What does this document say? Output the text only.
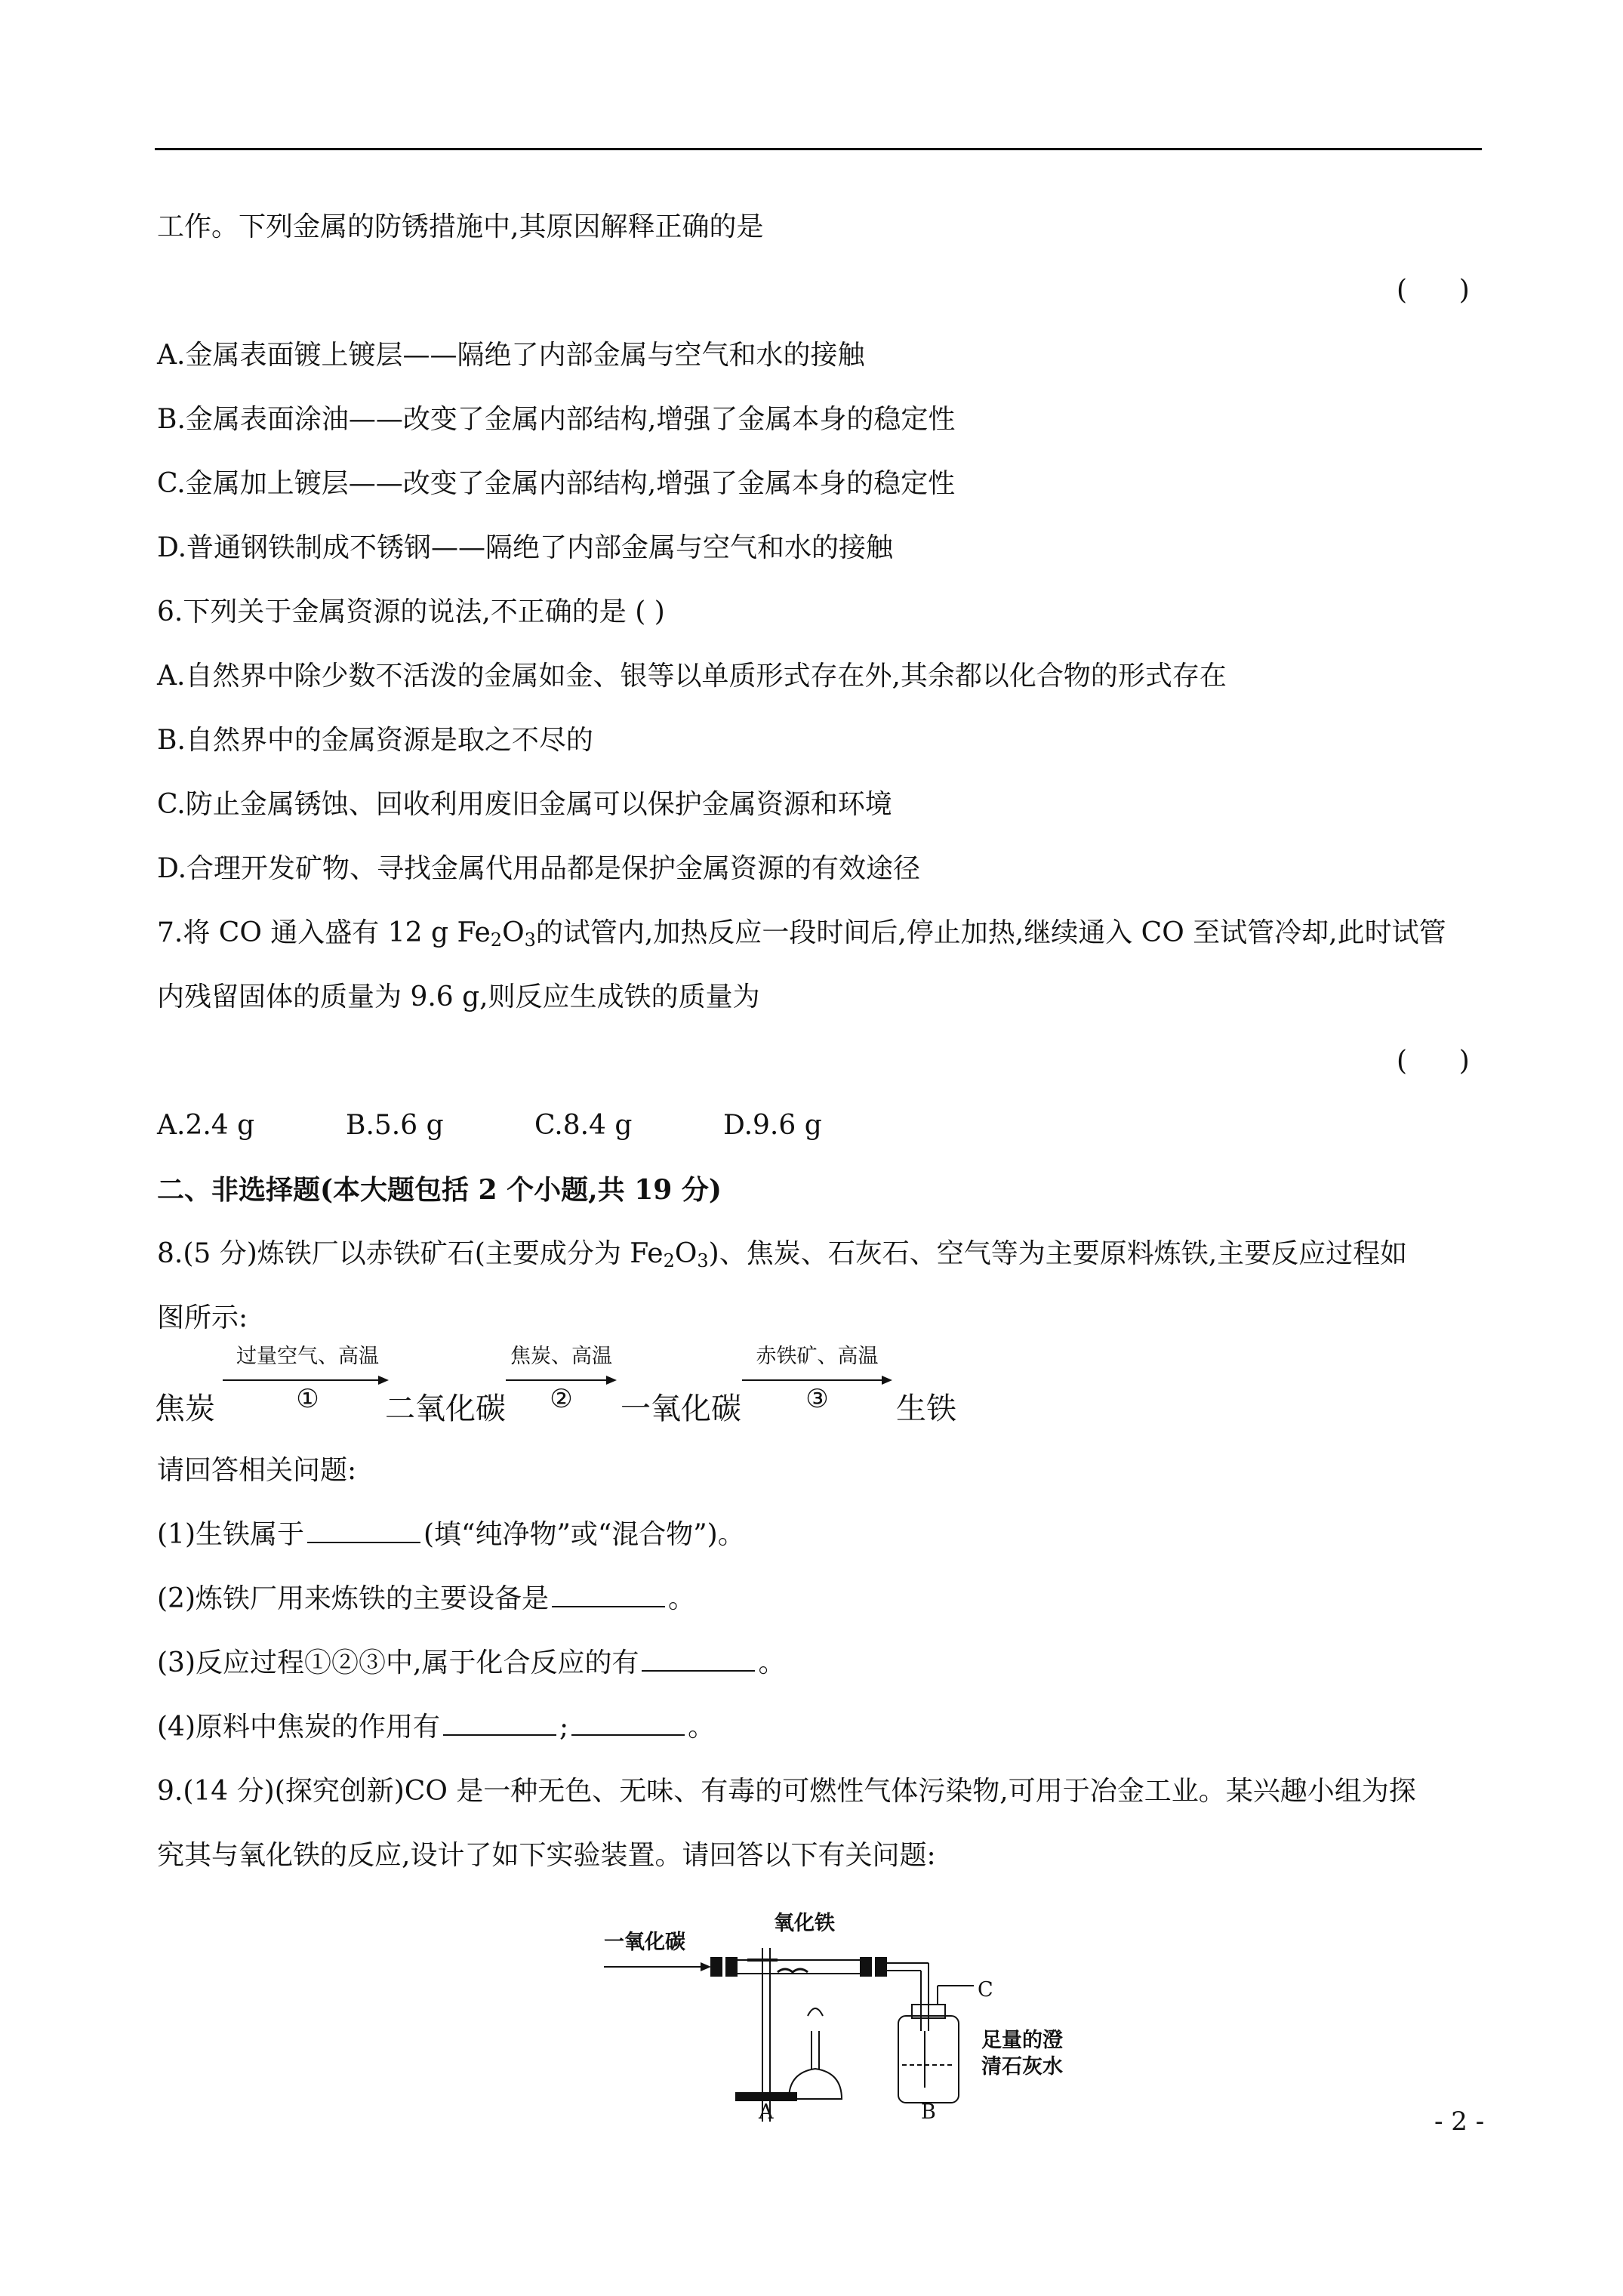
工作。下列金属的防锈措施中,其原因解释正确的是
(      )
A.金属表面镀上镀层——隔绝了内部金属与空气和水的接触
B.金属表面涂油——改变了金属内部结构,增强了金属本身的稳定性
C.金属加上镀层——改变了金属内部结构,增强了金属本身的稳定性
D.普通钢铁制成不锈钢——隔绝了内部金属与空气和水的接触
6.下列关于金属资源的说法,不正确的是 ( )
A.自然界中除少数不活泼的金属如金、银等以单质形式存在外,其余都以化合物的形式存在
B.自然界中的金属资源是取之不尽的
C.防止金属锈蚀、回收利用废旧金属可以保护金属资源和环境
D.合理开发矿物、寻找金属代用品都是保护金属资源的有效途径
7.将 CO 通入盛有 12 g $Fe_2O_3$的试管内,加热反应一段时间后,停止加热,继续通入 CO 至试管冷却,此时试管
内残留固体的质量为 9.6 g,则反应生成铁的质量为
(      )
A.2.4 g	B.5.6 g	C.8.4 g	D.9.6 g
二、非选择题(本大题包括 2 个小题,共 19 分)
8.(5 分)炼铁厂以赤铁矿石(主要成分为 $Fe_2O_3$)、焦炭、石灰石、空气等为主要原料炼铁,主要反应过程如
图所示:
焦炭
过量空气、高温
①	二氧化碳
焦炭、高温
②	一氧化碳
赤铁矿、高温
③	生铁
请回答相关问题:
(1)生铁属于	(填“纯净物”或“混合物”)。
(2)炼铁厂用来炼铁的主要设备是	。
(3)反应过程①②③中,属于化合反应的有	。
(4)原料中焦炭的作用有	;	。
9.(14 分)(探究创新)CO 是一种无色、无味、有毒的可燃性气体污染物,可用于冶金工业。某兴趣小组为探
究其与氧化铁的反应,设计了如下实验装置。请回答以下有关问题:
一氧化碳
氧化铁
足量的澄
清石灰水
A	B
C
- 2 -
